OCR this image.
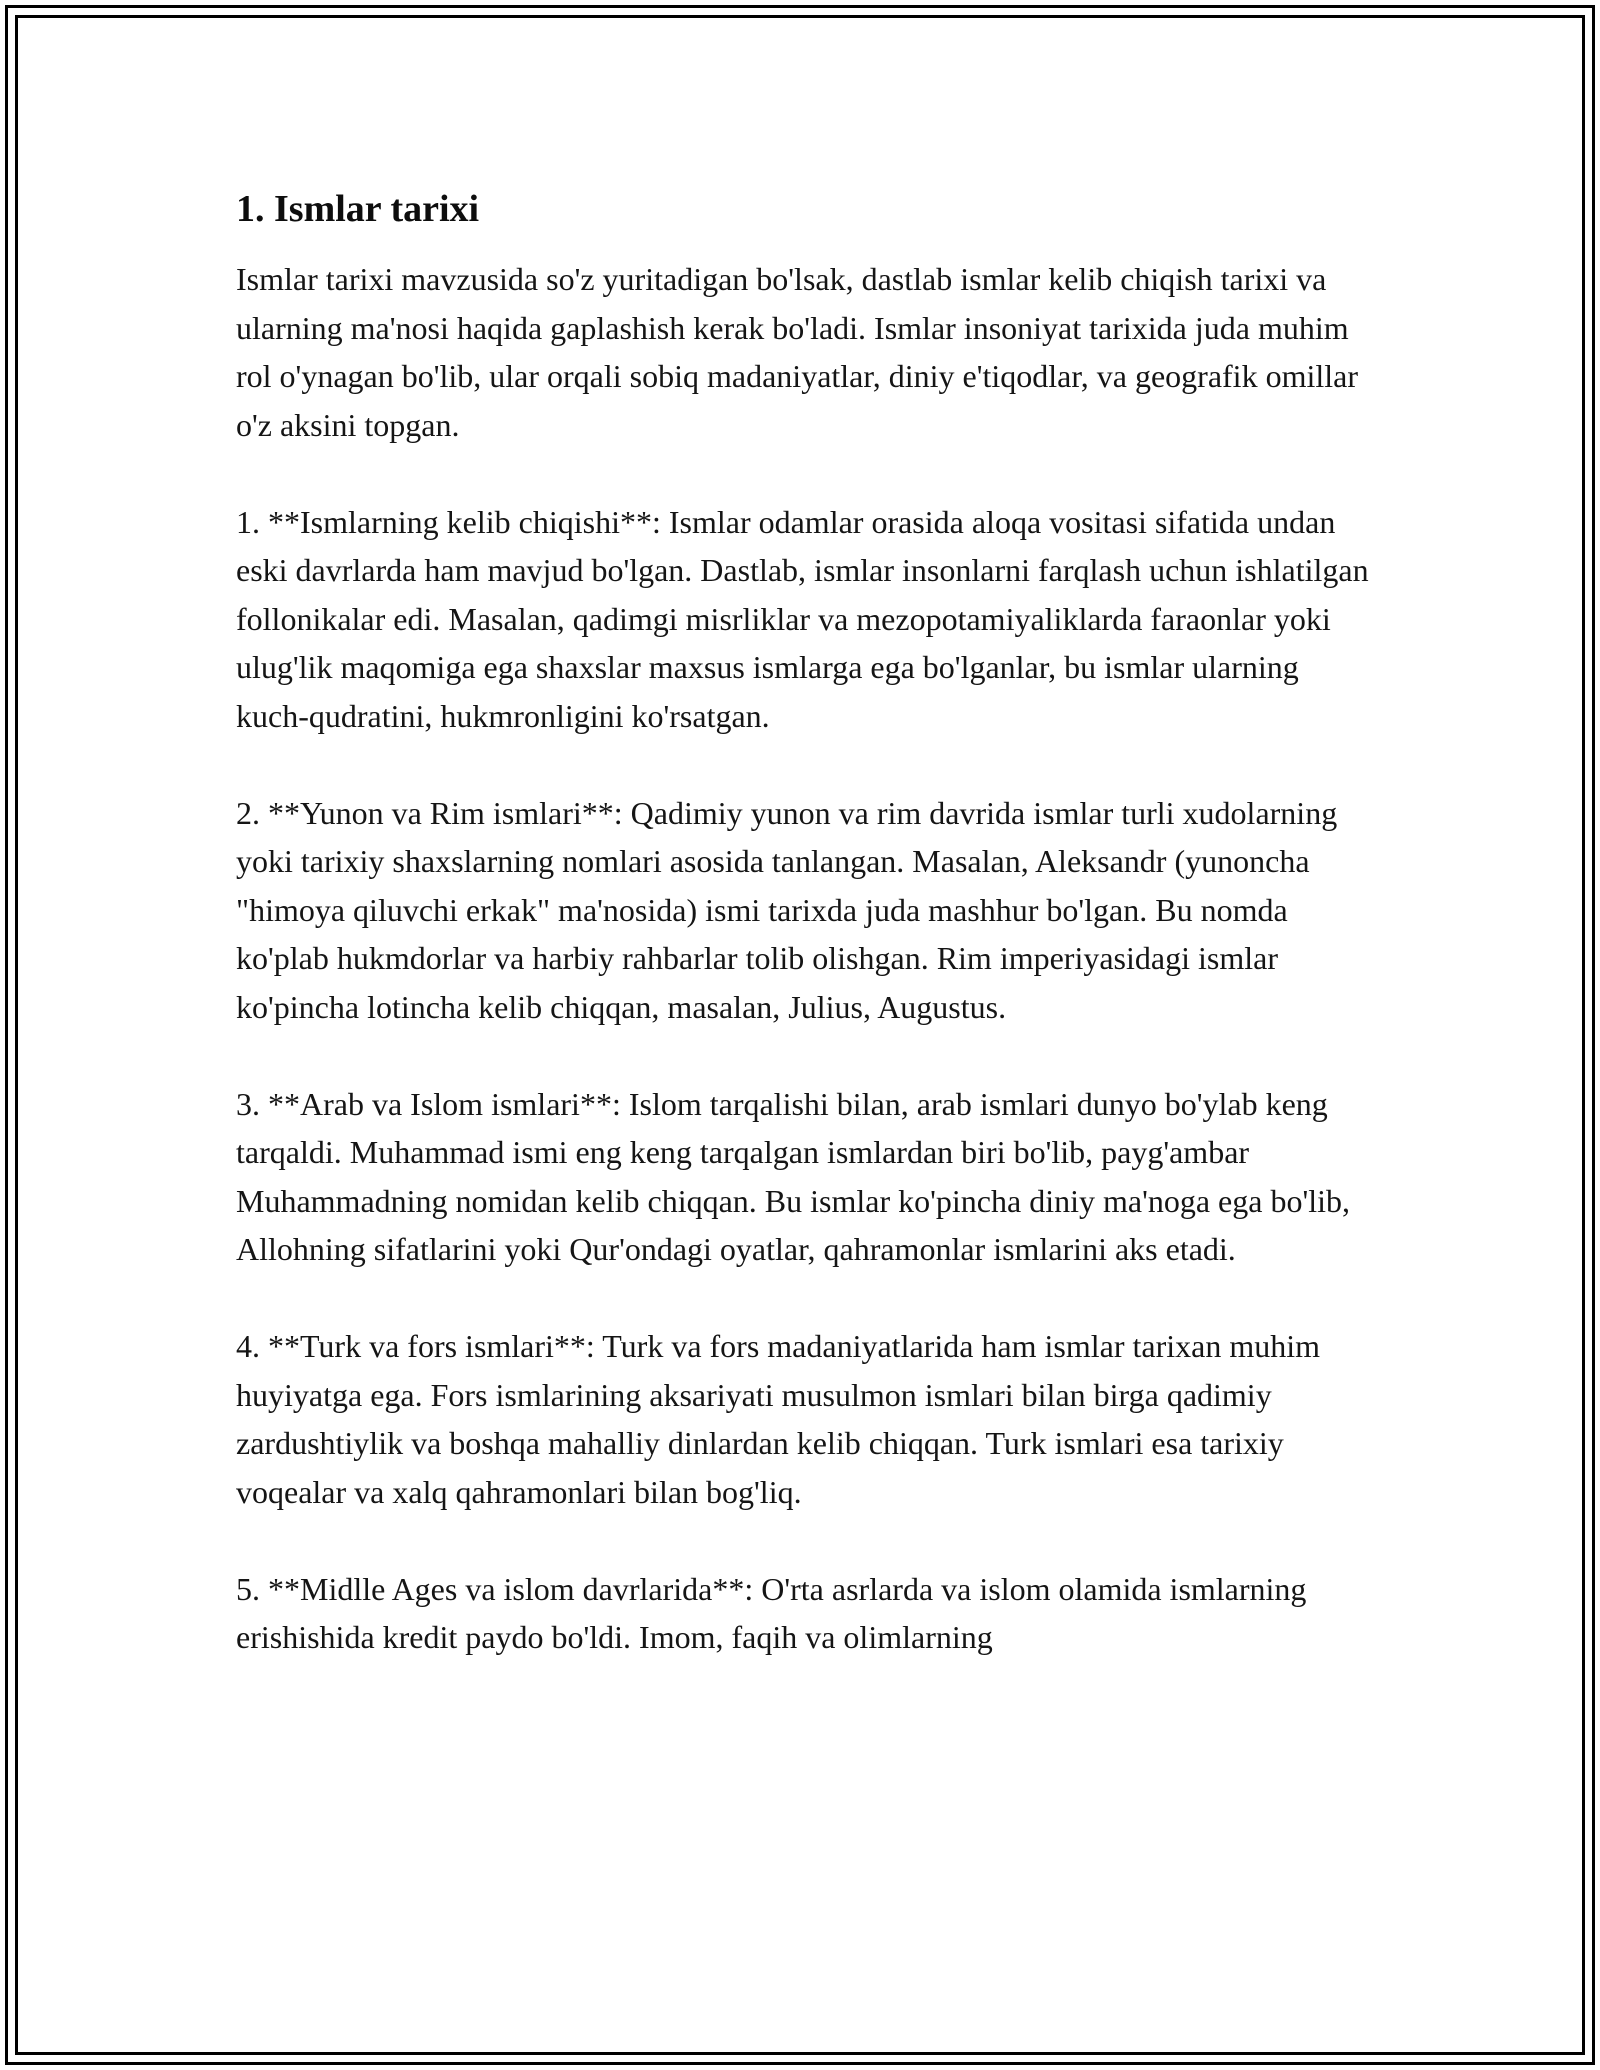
1. Ismlar tarixi

Ismlar tarixi mavzusida so'z yuritadigan bo'lsak, dastlab ismlar kelib chiqish tarixi va ularning ma'nosi haqida gaplashish kerak bo'ladi. Ismlar insoniyat tarixida juda muhim rol o'ynagan bo'lib, ular orqali sobiq madaniyatlar, diniy e'tiqodlar, va geografik omillar o'z aksini topgan.

1. **Ismlarning kelib chiqishi**: Ismlar odamlar orasida aloqa vositasi sifatida undan eski davrlarda ham mavjud bo'lgan. Dastlab, ismlar insonlarni farqlash uchun ishlatilgan follonikalar edi. Masalan, qadimgi misrliklar va mezopotamiyaliklarda faraonlar yoki ulug'lik maqomiga ega shaxslar maxsus ismlarga ega bo'lganlar, bu ismlar ularning kuch-qudratini, hukmronligini ko'rsatgan.

2. **Yunon va Rim ismlari**: Qadimiy yunon va rim davrida ismlar turli xudolarning yoki tarixiy shaxslarning nomlari asosida tanlangan. Masalan, Aleksandr (yunoncha "himoya qiluvchi erkak" ma'nosida) ismi tarixda juda mashhur bo'lgan. Bu nomda ko'plab hukmdorlar va harbiy rahbarlar tolib olishgan. Rim imperiyasidagi ismlar ko'pincha lotincha kelib chiqqan, masalan, Julius, Augustus.

3. **Arab va Islom ismlari**: Islom tarqalishi bilan, arab ismlari dunyo bo'ylab keng tarqaldi. Muhammad ismi eng keng tarqalgan ismlardan biri bo'lib, payg'ambar Muhammadning nomidan kelib chiqqan. Bu ismlar ko'pincha diniy ma'noga ega bo'lib, Allohning sifatlarini yoki Qur'ondagi oyatlar, qahramonlar ismlarini aks etadi.

4. **Turk va fors ismlari**: Turk va fors madaniyatlarida ham ismlar tarixan muhim huyiyatga ega. Fors ismlarining aksariyati musulmon ismlari bilan birga qadimiy zardushtiylik va boshqa mahalliy dinlardan kelib chiqqan. Turk ismlari esa tarixiy voqealar va xalq qahramonlari bilan bog'liq.

5. **Midlle Ages va islom davrlarida**: O'rta asrlarda va islom olamida ismlarning erishishida kredit paydo bo'ldi. Imom, faqih va olimlarning
